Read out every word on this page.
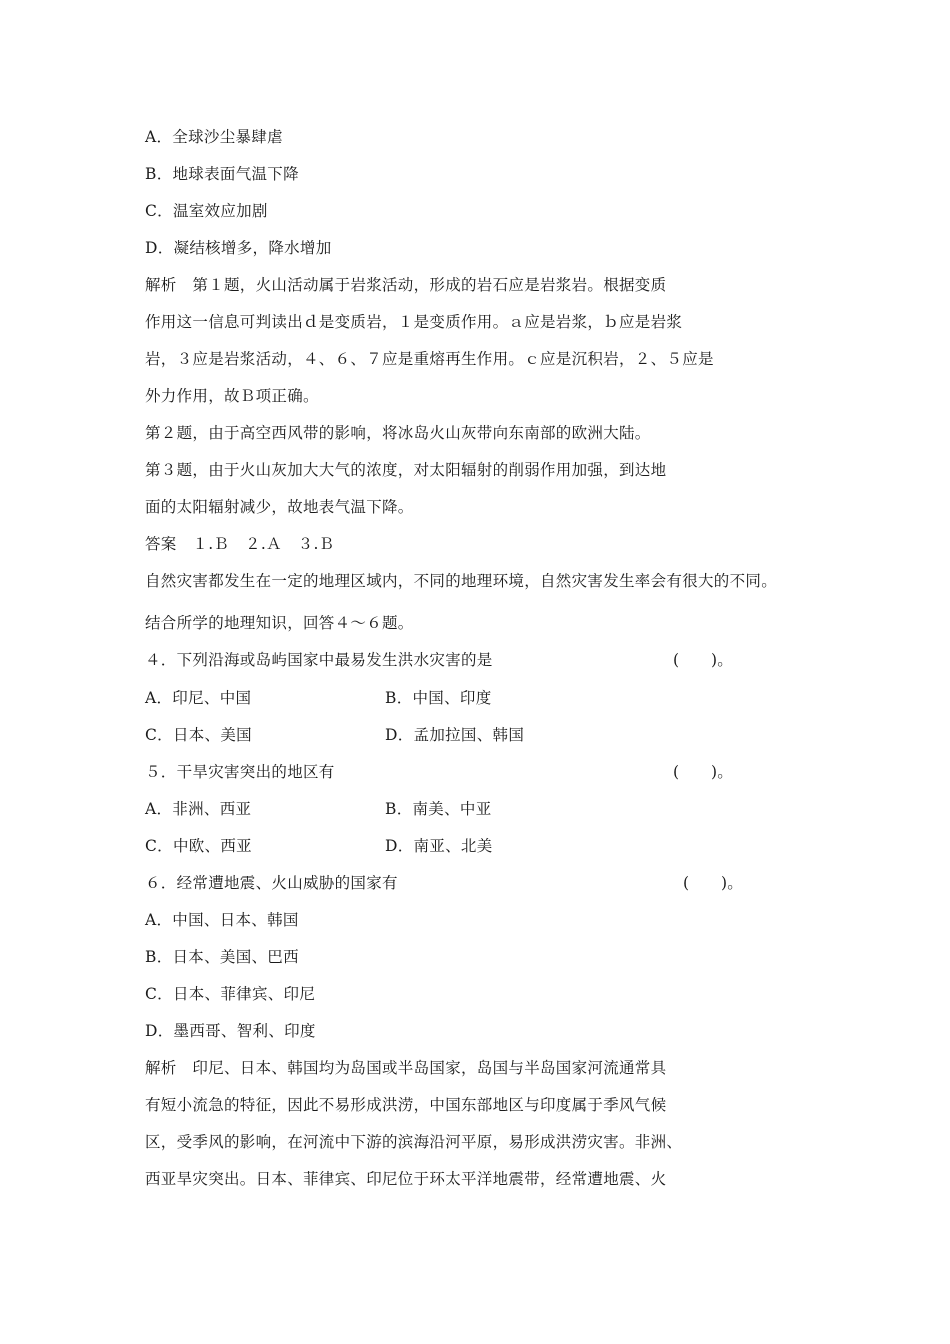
A．全球沙尘暴肆虐
B．地球表面气温下降
C．温室效应加剧
D．凝结核增多，降水增加
解析　第１题，火山活动属于岩浆活动，形成的岩石应是岩浆岩。根据变质
作用这一信息可判读出ｄ是变质岩，１是变质作用。ａ应是岩浆，ｂ应是岩浆
岩，３应是岩浆活动，４、６、７应是重熔再生作用。ｃ应是沉积岩，２、５应是
外力作用，故Ｂ项正确。
第２题，由于高空西风带的影响，将冰岛火山灰带向东南部的欧洲大陆。
第３题，由于火山灰加大大气的浓度，对太阳辐射的削弱作用加强，到达地
面的太阳辐射减少，故地表气温下降。
答案　１.Ｂ　２.Ａ　３.Ｂ
自然灾害都发生在一定的地理区域内，不同的地理环境，自然灾害发生率会有很大的不同。
结合所学的地理知识，回答４～６题。
４．下列沿海或岛屿国家中最易发生洪水灾害的是	(　　)。
A．印尼、中国	B．中国、印度
C．日本、美国	D．孟加拉国、韩国
５．干旱灾害突出的地区有	(　　)。
A．非洲、西亚	B．南美、中亚
C．中欧、西亚	D．南亚、北美
６．经常遭地震、火山威胁的国家有	(　　)。
A．中国、日本、韩国
B．日本、美国、巴西
C．日本、菲律宾、印尼
D．墨西哥、智利、印度
解析　印尼、日本、韩国均为岛国或半岛国家，岛国与半岛国家河流通常具
有短小流急的特征，因此不易形成洪涝，中国东部地区与印度属于季风气候
区，受季风的影响，在河流中下游的滨海沿河平原，易形成洪涝灾害。非洲、
西亚旱灾突出。日本、菲律宾、印尼位于环太平洋地震带，经常遭地震、火
